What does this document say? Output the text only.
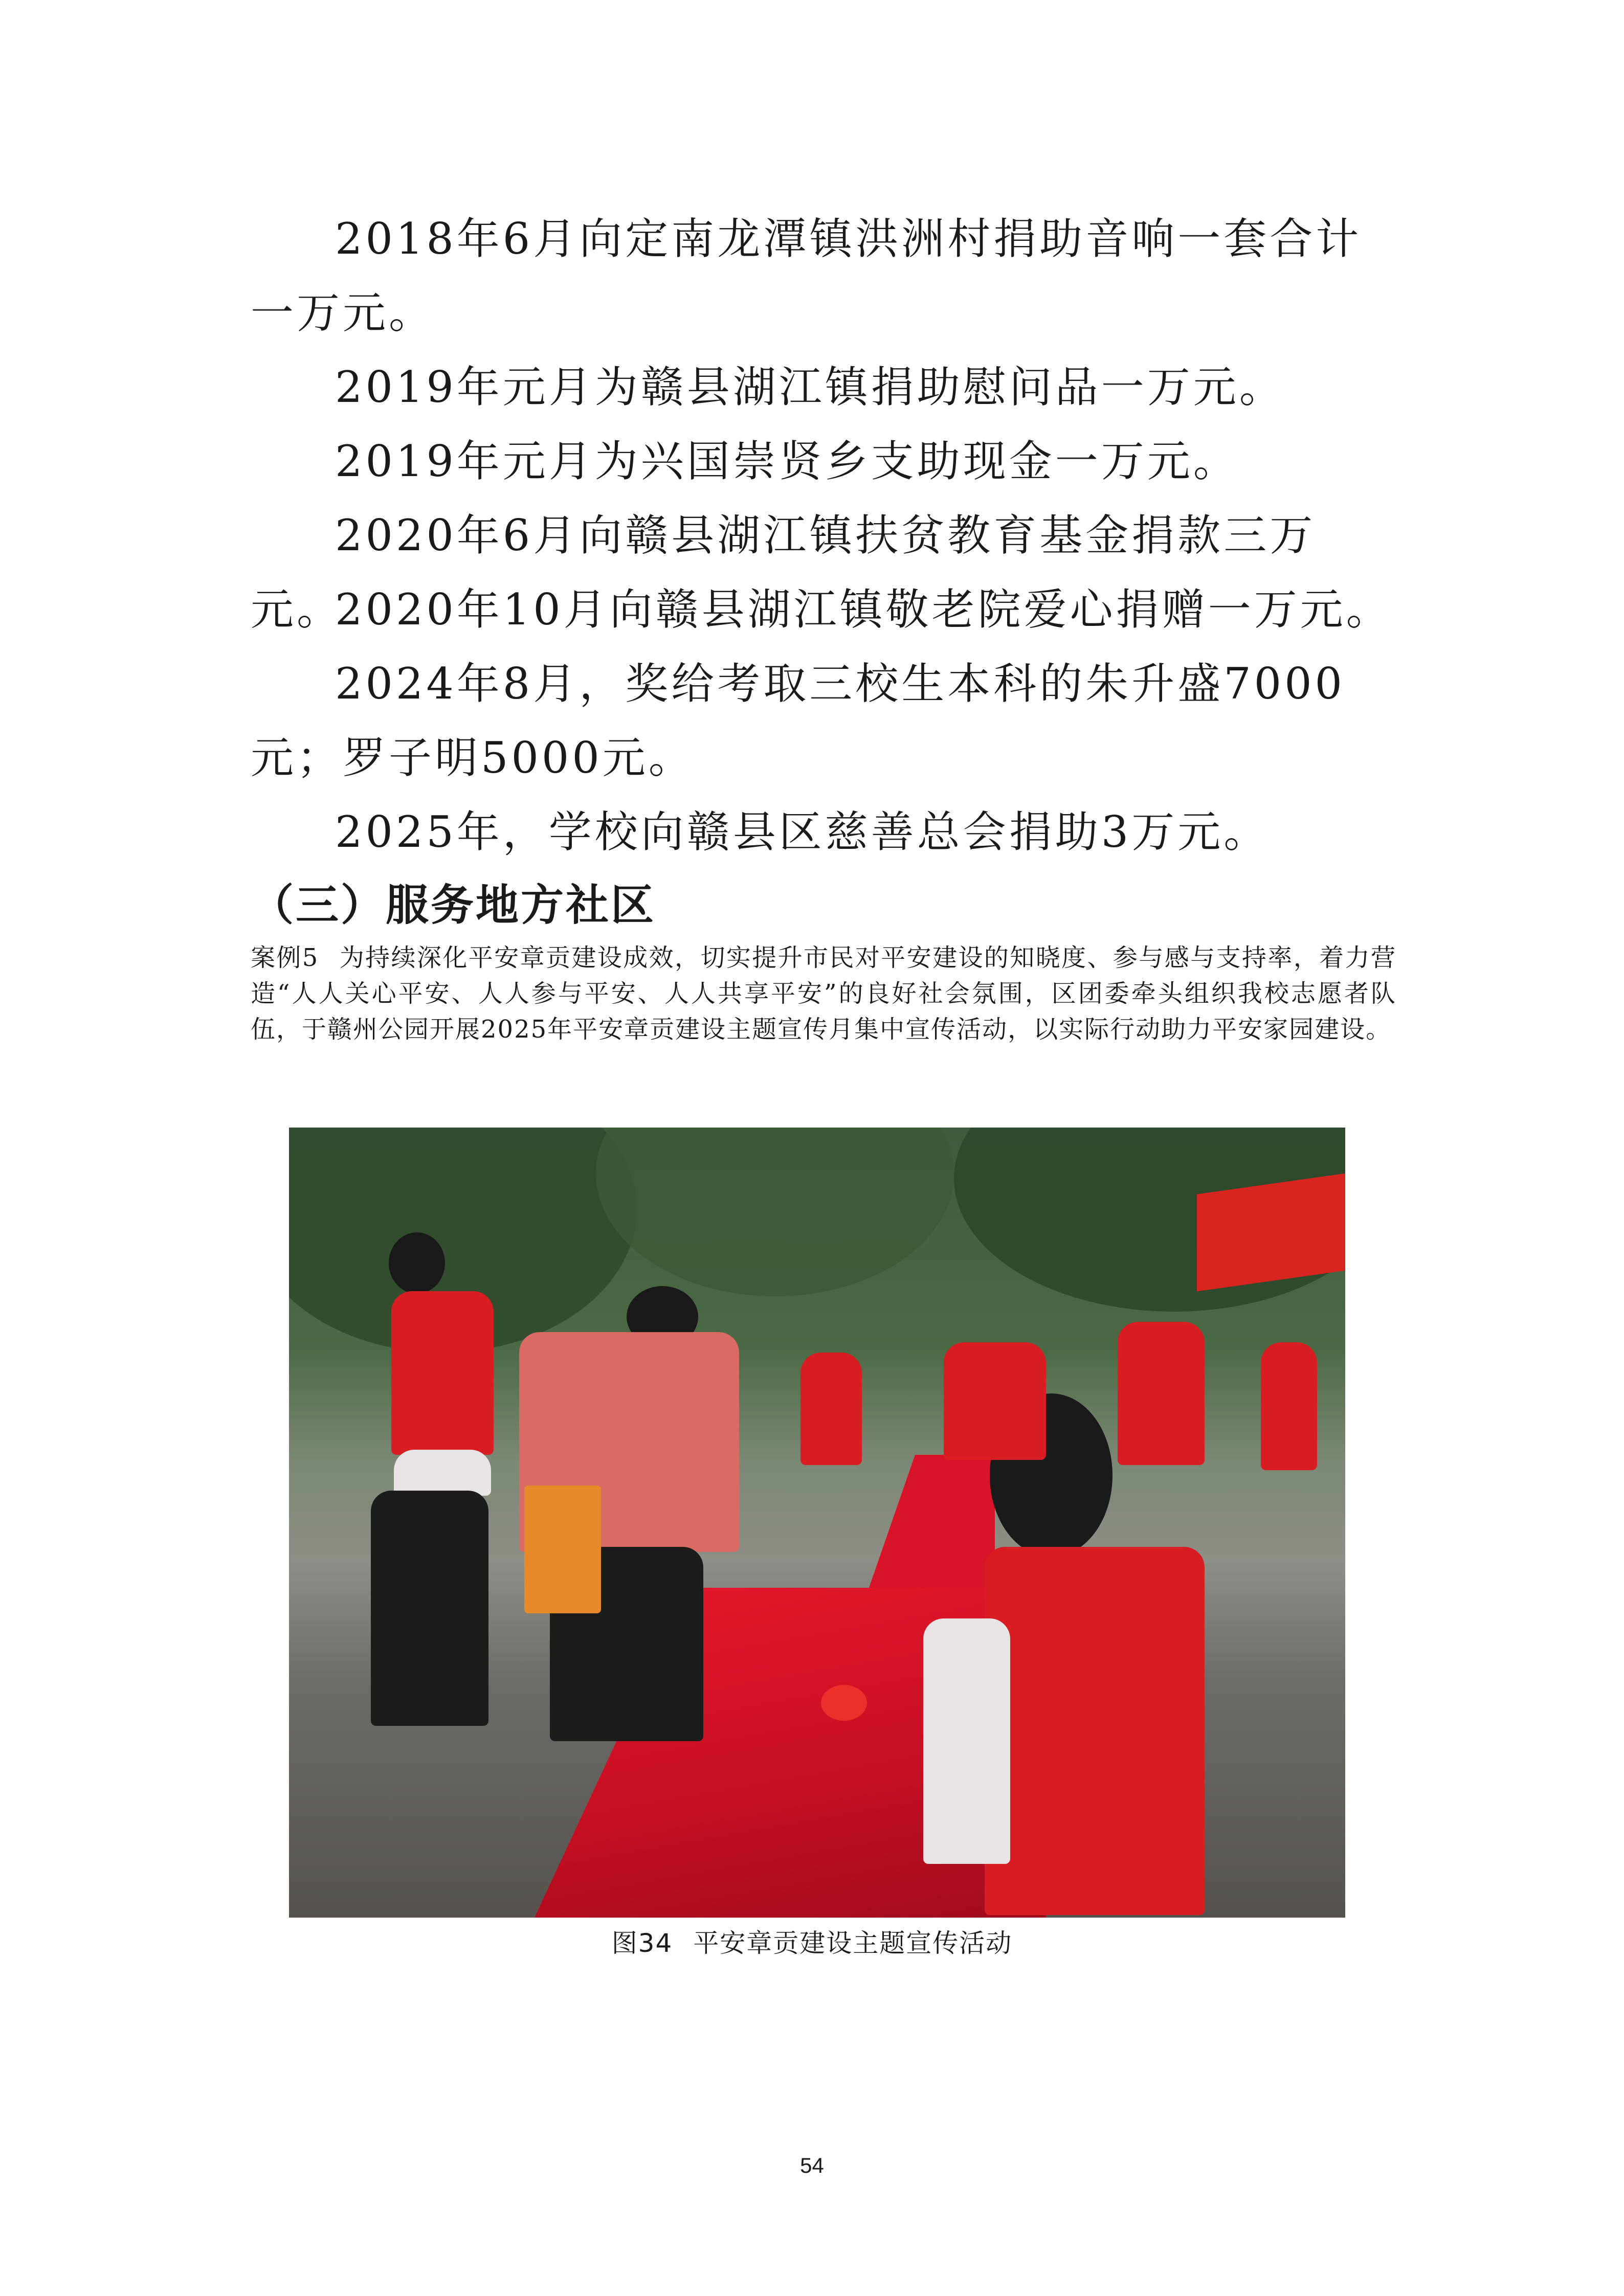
2018年6月向定南龙潭镇洪洲村捐助音响一套合计一万元。

2019年元月为赣县湖江镇捐助慰问品一万元。

2019年元月为兴国崇贤乡支助现金一万元。

2020年6月向赣县湖江镇扶贫教育基金捐款三万元。

2020年10月向赣县湖江镇敬老院爱心捐赠一万元。

2024年8月，奖给考取三校生本科的朱升盛7000元；罗子明5000元。

2025年，学校向赣县区慈善总会捐助3万元。

（三）服务地方社区

案例5 为持续深化平安章贡建设成效，切实提升市民对平安建设的知晓度、参与感与支持率，着力营造“人人关心平安、人人参与平安、人人共享平安”的良好社会氛围，区团委牵头组织我校志愿者队伍，于赣州公园开展2025年平安章贡建设主题宣传月集中宣传活动，以实际行动助力平安家园建设。

图34 平安章贡建设主题宣传活动

54
